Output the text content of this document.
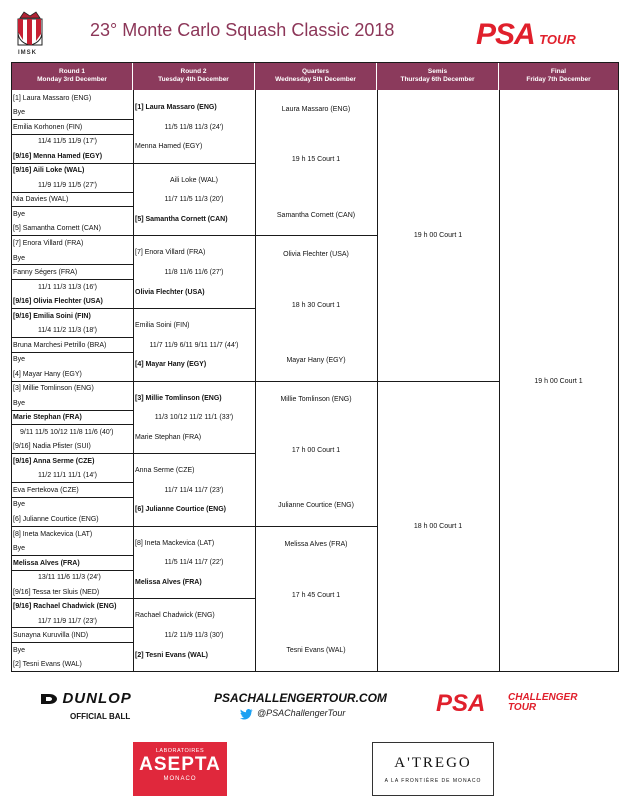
IMSK
23° Monte Carlo Squash Classic 2018	PSA TOUR
Round 1
Monday 3rd December
Round 2
Tuesday 4th December
Quarters
Wednesday 5th December
Semis
Thursday 6th December
Final
Friday 7th December
[1] Laura Massaro (ENG)
Bye
Emilia Korhonen (FIN)
11/4 11/5 11/9 (17')
[9/16] Menna Hamed (EGY)
[9/16] Aili Loke (WAL)
11/9 11/9 11/5 (27')
Nia Davies (WAL)
Bye
[5] Samantha Cornett (CAN)
[7] Enora Villard (FRA)
Bye
Fanny Ségers (FRA)
11/1 11/3 11/3 (16')
[9/16] Olivia Flechter (USA)
[9/16] Emilia Soini (FIN)
11/4 11/2 11/3 (18')
Bruna Marchesi Petrillo (BRA)
Bye
[4] Mayar Hany (EGY)
[3] Millie Tomlinson (ENG)
Bye
Marie Stephan (FRA)
9/11 11/5 10/12 11/8 11/6 (40')
[9/16] Nadia Pfister (SUI)
[9/16] Anna Serme (CZE)
11/2 11/1 11/1 (14')
Eva Fertekova (CZE)
Bye
[6] Julianne Courtice (ENG)
[8] Ineta Mackevica (LAT)
Bye
Melissa Alves (FRA)
13/11 11/6 11/3 (24')
[9/16] Tessa ter Sluis (NED)
[9/16] Rachael Chadwick (ENG)
11/7 11/9 11/7 (23')
Sunayna Kuruvilla (IND)
Bye
[2] Tesni Evans (WAL)
[1] Laura Massaro (ENG)
11/5 11/8 11/3 (24')
Menna Hamed (EGY)
Aili Loke (WAL)
11/7 11/5 11/3 (20')
[5] Samantha Cornett (CAN)
[7] Enora Villard (FRA)
11/8 11/6 11/6 (27')
Olivia Flechter (USA)
Emilia Soini (FIN)
11/7 11/9 6/11 9/11 11/7 (44')
[4] Mayar Hany (EGY)
[3] Millie Tomlinson (ENG)
11/3 10/12 11/2 11/1 (33')
Marie Stephan (FRA)
Anna Serme (CZE)
11/7 11/4 11/7 (23')
[6] Julianne Courtice (ENG)
[8] Ineta Mackevica (LAT)
11/5 11/4 11/7 (22')
Melissa Alves (FRA)
Rachael Chadwick (ENG)
11/2 11/9 11/3 (30')
[2] Tesni Evans (WAL)
Laura Massaro (ENG)
19 h 15 Court 1
Samantha Cornett (CAN)
Olivia Flechter (USA)
18 h 30 Court 1
Mayar Hany (EGY)
Millie Tomlinson (ENG)
17 h 00 Court 1
Julianne Courtice (ENG)
Melissa Alves (FRA)
17 h 45 Court 1
Tesni Evans (WAL)
19 h 00 Court 1
18 h 00 Court 1
19 h 00 Court 1
DUNLOP
OFFICIAL BALL
PSACHALLENGERTOUR.COM
@PSAChallengerTour	PSA CHALLENGER
TOUR
LABORATOIRES
ASEPTA
MONACO
A'TREGO
A LA FRONTIÈRE DE MONACO
